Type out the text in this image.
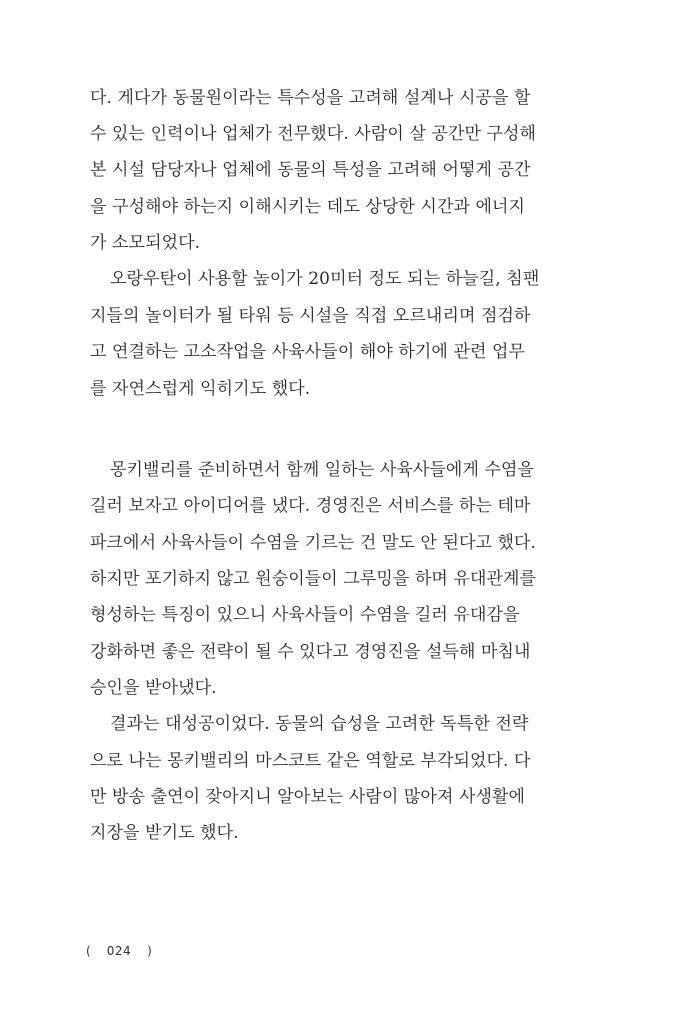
다. 게다가 동물원이라는 특수성을 고려해 설계나 시공을 할
수 있는 인력이나 업체가 전무했다. 사람이 살 공간만 구성해
본 시설 담당자나 업체에 동물의 특성을 고려해 어떻게 공간
을 구성해야 하는지 이해시키는 데도 상당한 시간과 에너지
가 소모되었다.
오랑우탄이 사용할 높이가 20미터 정도 되는 하늘길, 침팬
지들의 놀이터가 될 타워 등 시설을 직접 오르내리며 점검하
고 연결하는 고소작업을 사육사들이 해야 하기에 관련 업무
를 자연스럽게 익히기도 했다.
몽키밸리를 준비하면서 함께 일하는 사육사들에게 수염을
길러 보자고 아이디어를 냈다. 경영진은 서비스를 하는 테마
파크에서 사육사들이 수염을 기르는 건 말도 안 된다고 했다.
하지만 포기하지 않고 원숭이들이 그루밍을 하며 유대관계를
형성하는 특징이 있으니 사육사들이 수염을 길러 유대감을
강화하면 좋은 전략이 될 수 있다고 경영진을 설득해 마침내
승인을 받아냈다.
결과는 대성공이었다. 동물의 습성을 고려한 독특한 전략
으로 나는 몽키밸리의 마스코트 같은 역할로 부각되었다. 다
만 방송 출연이 잦아지니 알아보는 사람이 많아져 사생활에
지장을 받기도 했다.
( 024 )
